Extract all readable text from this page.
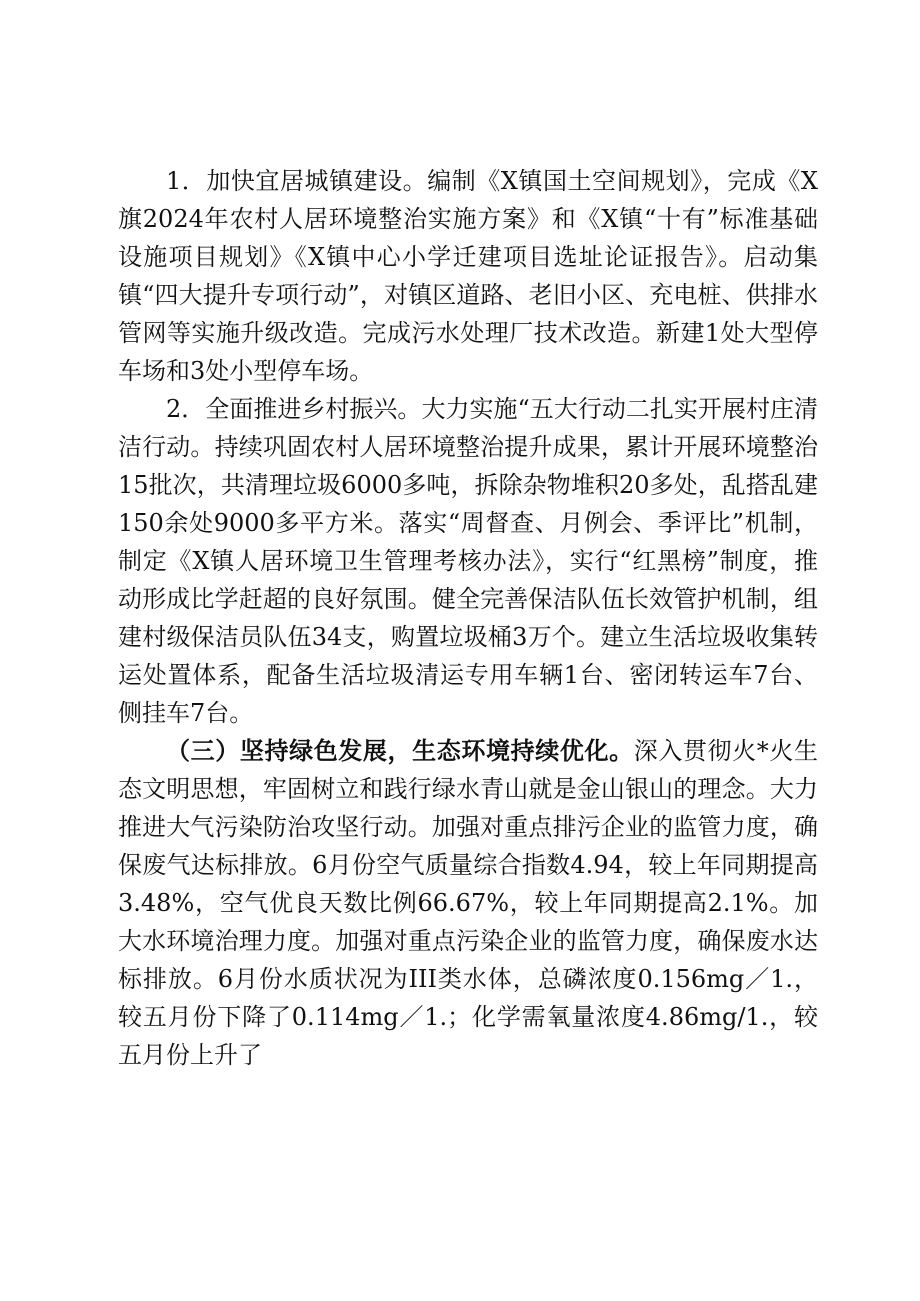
1．加快宜居城镇建设。编制《X镇国土空间规划》，完成《X旗2024年农村人居环境整治实施方案》和《X镇“十有”标准基础设施项目规划》《X镇中心小学迁建项目选址论证报告》。启动集镇“四大提升专项行动”，对镇区道路、老旧小区、充电桩、供排水管网等实施升级改造。完成污水处理厂技术改造。新建1处大型停车场和3处小型停车场。

2．全面推进乡村振兴。大力实施“五大行动二扎实开展村庄清洁行动。持续巩固农村人居环境整治提升成果，累计开展环境整治15批次，共清理垃圾6000多吨，拆除杂物堆积20多处，乱搭乱建150余处9000多平方米。落实“周督查、月例会、季评比”机制，制定《X镇人居环境卫生管理考核办法》，实行“红黑榜”制度，推动形成比学赶超的良好氛围。健全完善保洁队伍长效管护机制，组建村级保洁员队伍34支，购置垃圾桶3万个。建立生活垃圾收集转运处置体系，配备生活垃圾清运专用车辆1台、密闭转运车7台、侧挂车7台。

（三）坚持绿色发展，生态环境持续优化。深入贯彻火*火生态文明思想，牢固树立和践行绿水青山就是金山银山的理念。大力推进大气污染防治攻坚行动。加强对重点排污企业的监管力度，确保废气达标排放。6月份空气质量综合指数4.94，较上年同期提高3.48%，空气优良天数比例66.67%，较上年同期提高2.1%。加大水环境治理力度。加强对重点污染企业的监管力度，确保废水达标排放。6月份水质状况为III类水体，总磷浓度0.156mg／1.，较五月份下降了0.114mg／1.；化学需氧量浓度4.86mg/1.，较五月份上升了
